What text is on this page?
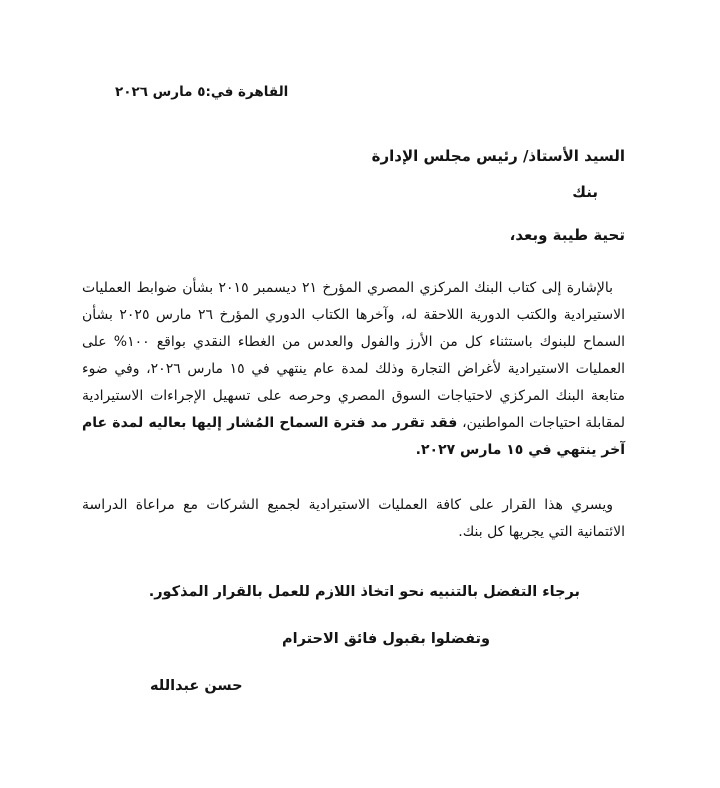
القاهرة في:٥ مارس ٢٠٢٦
السيد الأستاذ/ رئيس مجلس الإدارة
بنك
تحية طيبة وبعد،

بالإشارة إلى كتاب البنك المركزي المصري المؤرخ ٢١ ديسمبر ٢٠١٥ بشأن ضوابط العمليات الاستيرادية والكتب الدورية اللاحقة له، وآخرها الكتاب الدوري المؤرخ ٢٦ مارس ٢٠٢٥ بشأن السماح للبنوك باستثناء كل من الأرز والفول والعدس من الغطاء النقدي بواقع ١٠٠% على العمليات الاستيرادية لأغراض التجارة وذلك لمدة عام ينتهي في ١٥ مارس ٢٠٢٦، وفي ضوء متابعة البنك المركزي لاحتياجات السوق المصري وحرصه على تسهيل الإجراءات الاستيرادية لمقابلة احتياجات المواطنين، فقد تقرر مد فترة السماح المُشار إليها بعاليه لمدة عام آخر ينتهي في ١٥ مارس ٢٠٢٧.

ويسري هذا القرار على كافة العمليات الاستيرادية لجميع الشركات مع مراعاة الدراسة الائتمانية التي يجريها كل بنك.

برجاء التفضل بالتنبيه نحو اتخاذ اللازم للعمل بالقرار المذكور.
وتفضلوا بقبول فائق الاحترام
حسن عبدالله
